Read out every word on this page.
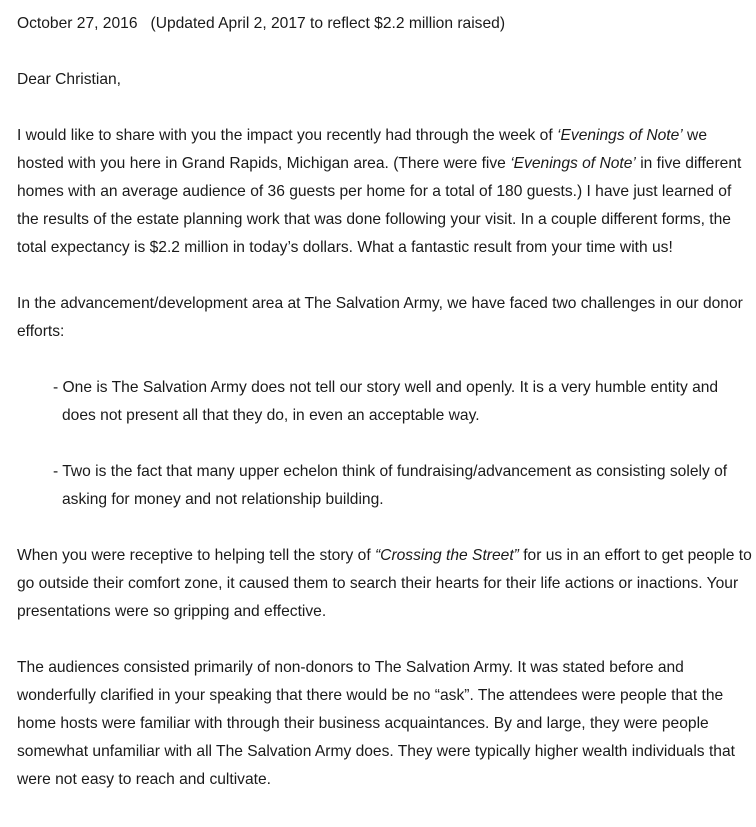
October 27, 2016   (Updated April 2, 2017 to reflect $2.2 million raised)

Dear Christian,

I would like to share with you the impact you recently had through the week of ‘Evenings of Note’ we hosted with you here in Grand Rapids, Michigan area. (There were five ‘Evenings of Note’ in five different homes with an average audience of 36 guests per home for a total of 180 guests.) I have just learned of the results of the estate planning work that was done following your visit. In a couple different forms, the total expectancy is $2.2 million in today’s dollars. What a fantastic result from your time with us!

In the advancement/development area at The Salvation Army, we have faced two challenges in our donor efforts:

- One is The Salvation Army does not tell our story well and openly. It is a very humble entity and does not present all that they do, in even an acceptable way.

- Two is the fact that many upper echelon think of fundraising/advancement as consisting solely of asking for money and not relationship building.

When you were receptive to helping tell the story of “Crossing the Street” for us in an effort to get people to go outside their comfort zone, it caused them to search their hearts for their life actions or inactions. Your presentations were so gripping and effective.

The audiences consisted primarily of non-donors to The Salvation Army. It was stated before and wonderfully clarified in your speaking that there would be no “ask”. The attendees were people that the home hosts were familiar with through their business acquaintances. By and large, they were people somewhat unfamiliar with all The Salvation Army does. They were typically higher wealth individuals that were not easy to reach and cultivate.
